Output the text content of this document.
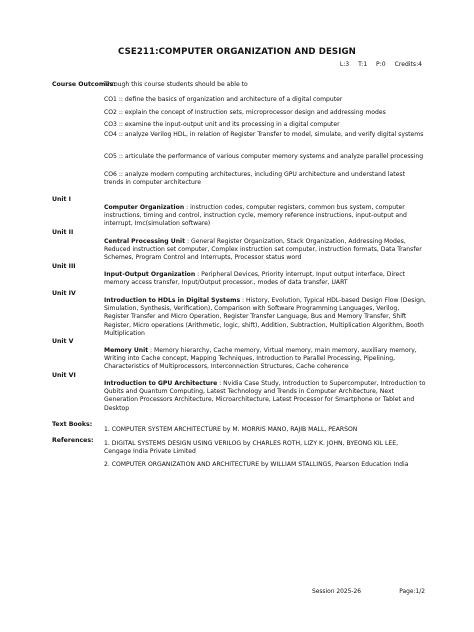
CSE211:COMPUTER ORGANIZATION AND DESIGN
L:3 T:1 P:0 Credits:4
Course Outcomes:
Through this course students should be able to
CO1 :: define the basics of organization and architecture of a digital computer
CO2 :: explain the concept of Instruction sets, microprocessor design and addressing modes
CO3 :: examine the input-output unit and its processing in a digital computer
CO4 :: analyze Verilog HDL, in relation of Register Transfer to model, simulate, and verify digital systems
CO5 :: articulate the performance of various computer memory systems and analyze parallel processing
CO6 :: analyze modern computing architectures, including GPU architecture and understand latest trends in computer architecture
Unit I
Computer Organization : instruction codes, computer registers, common bus system, computer instructions, timing and control, instruction cycle, memory reference instructions, input-output and interrupt, Imc(simulation software)
Unit II
Central Processing Unit : General Register Organization, Stack Organization, Addressing Modes, Reduced instruction set computer, Complex instruction set computer, instruction formats, Data Transfer Schemes, Program Control and Interrupts, Processor status word
Unit III
Input-Output Organization : Peripheral Devices, Priority interrupt, Input output interface, Direct memory access transfer, Input/Output processor., modes of data transfer, UART
Unit IV
Introduction to HDLs in Digital Systems : History, Evolution, Typical HDL-based Design Flow (Design, Simulation, Synthesis, Verification), Comparison with Software Programming Languages, Verilog, Register Transfer and Micro Operation, Register Transfer Language, Bus and Memory Transfer, Shift Register, Micro operations (Arithmetic, logic, shift), Addition, Subtraction, Multiplication Algorithm, Booth Multiplication
Unit V
Memory Unit : Memory hierarchy, Cache memory, Virtual memory, main memory, auxiliary memory, Writing into Cache concept, Mapping Techniques, Introduction to Parallel Processing, Pipelining, Characteristics of Multiprocessors, Interconnection Structures, Cache coherence
Unit VI
Introduction to GPU Architecture : Nvidia Case Study, Introduction to Supercomputer, Introduction to Qubits and Quantum Computing, Latest Technology and Trends in Computer Architecture, Next Generation Processors Architecture, Microarchitecture, Latest Processor for Smartphone or Tablet and Desktop
Text Books:
1. COMPUTER SYSTEM ARCHITECTURE by M. MORRIS MANO, RAJIB MALL, PEARSON
References: 1. DIGITAL SYSTEMS DESIGN USING VERILOG by CHARLES ROTH, LIZY K. JOHN, BYEONG KIL LEE, Cengage India Private Limited
2. COMPUTER ORGANIZATION AND ARCHITECTURE by WILLIAM STALLINGS, Pearson Education India
Session 2025-26	Page:1/2
